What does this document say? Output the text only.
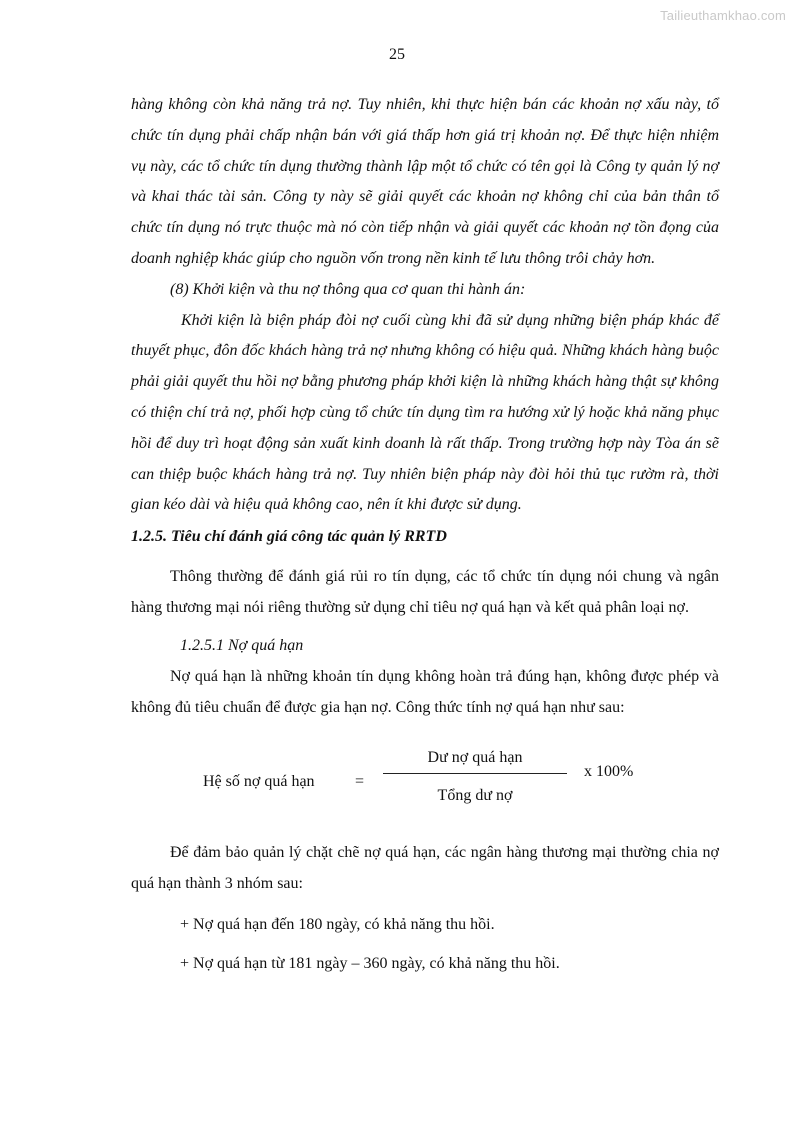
Tailieuthamkhao.com
25

hàng không còn khả năng trả nợ. Tuy nhiên, khi thực hiện bán các khoản nợ xấu này, tổ chức tín dụng phải chấp nhận bán với giá thấp hơn giá trị khoản nợ. Để thực hiện nhiệm vụ này, các tổ chức tín dụng thường thành lập một tổ chức có tên gọi là Công ty quản lý nợ và khai thác tài sản. Công ty này sẽ giải quyết các khoản nợ không chỉ của bản thân tổ chức tín dụng nó trực thuộc mà nó còn tiếp nhận và giải quyết các khoản nợ tồn đọng của doanh nghiệp khác giúp cho nguồn vốn trong nền kinh tế lưu thông trôi chảy hơn.

(8) Khởi kiện và thu nợ thông qua cơ quan thi hành án:

Khởi kiện là biện pháp đòi nợ cuối cùng khi đã sử dụng những biện pháp khác để thuyết phục, đôn đốc khách hàng trả nợ nhưng không có hiệu quả. Những khách hàng buộc phải giải quyết thu hồi nợ bằng phương pháp khởi kiện là những khách hàng thật sự không có thiện chí trả nợ, phối hợp cùng tổ chức tín dụng tìm ra hướng xử lý hoặc khả năng phục hồi để duy trì hoạt động sản xuất kinh doanh là rất thấp. Trong trường hợp này Tòa án sẽ can thiệp buộc khách hàng trả nợ. Tuy nhiên biện pháp này đòi hỏi thủ tục rườm rà, thời gian kéo dài và hiệu quả không cao, nên ít khi được sử dụng.

1.2.5. Tiêu chí đánh giá công tác quản lý RRTD

Thông thường để đánh giá rủi ro tín dụng, các tổ chức tín dụng nói chung và ngân hàng thương mại nói riêng thường sử dụng chỉ tiêu nợ quá hạn và kết quả phân loại nợ.

1.2.5.1 Nợ quá hạn

Nợ quá hạn là những khoản tín dụng không hoàn trả đúng hạn, không được phép và không đủ tiêu chuẩn để được gia hạn nợ. Công thức tính nợ quá hạn như sau:

Hệ số nợ quá hạn	=
Dư nợ quá hạn
Tổng dư nợ
x 100%

Để đảm bảo quản lý chặt chẽ nợ quá hạn, các ngân hàng thương mại thường chia nợ quá hạn thành 3 nhóm sau:

+ Nợ quá hạn đến 180 ngày, có khả năng thu hồi.

+ Nợ quá hạn từ 181 ngày – 360 ngày, có khả năng thu hồi.
